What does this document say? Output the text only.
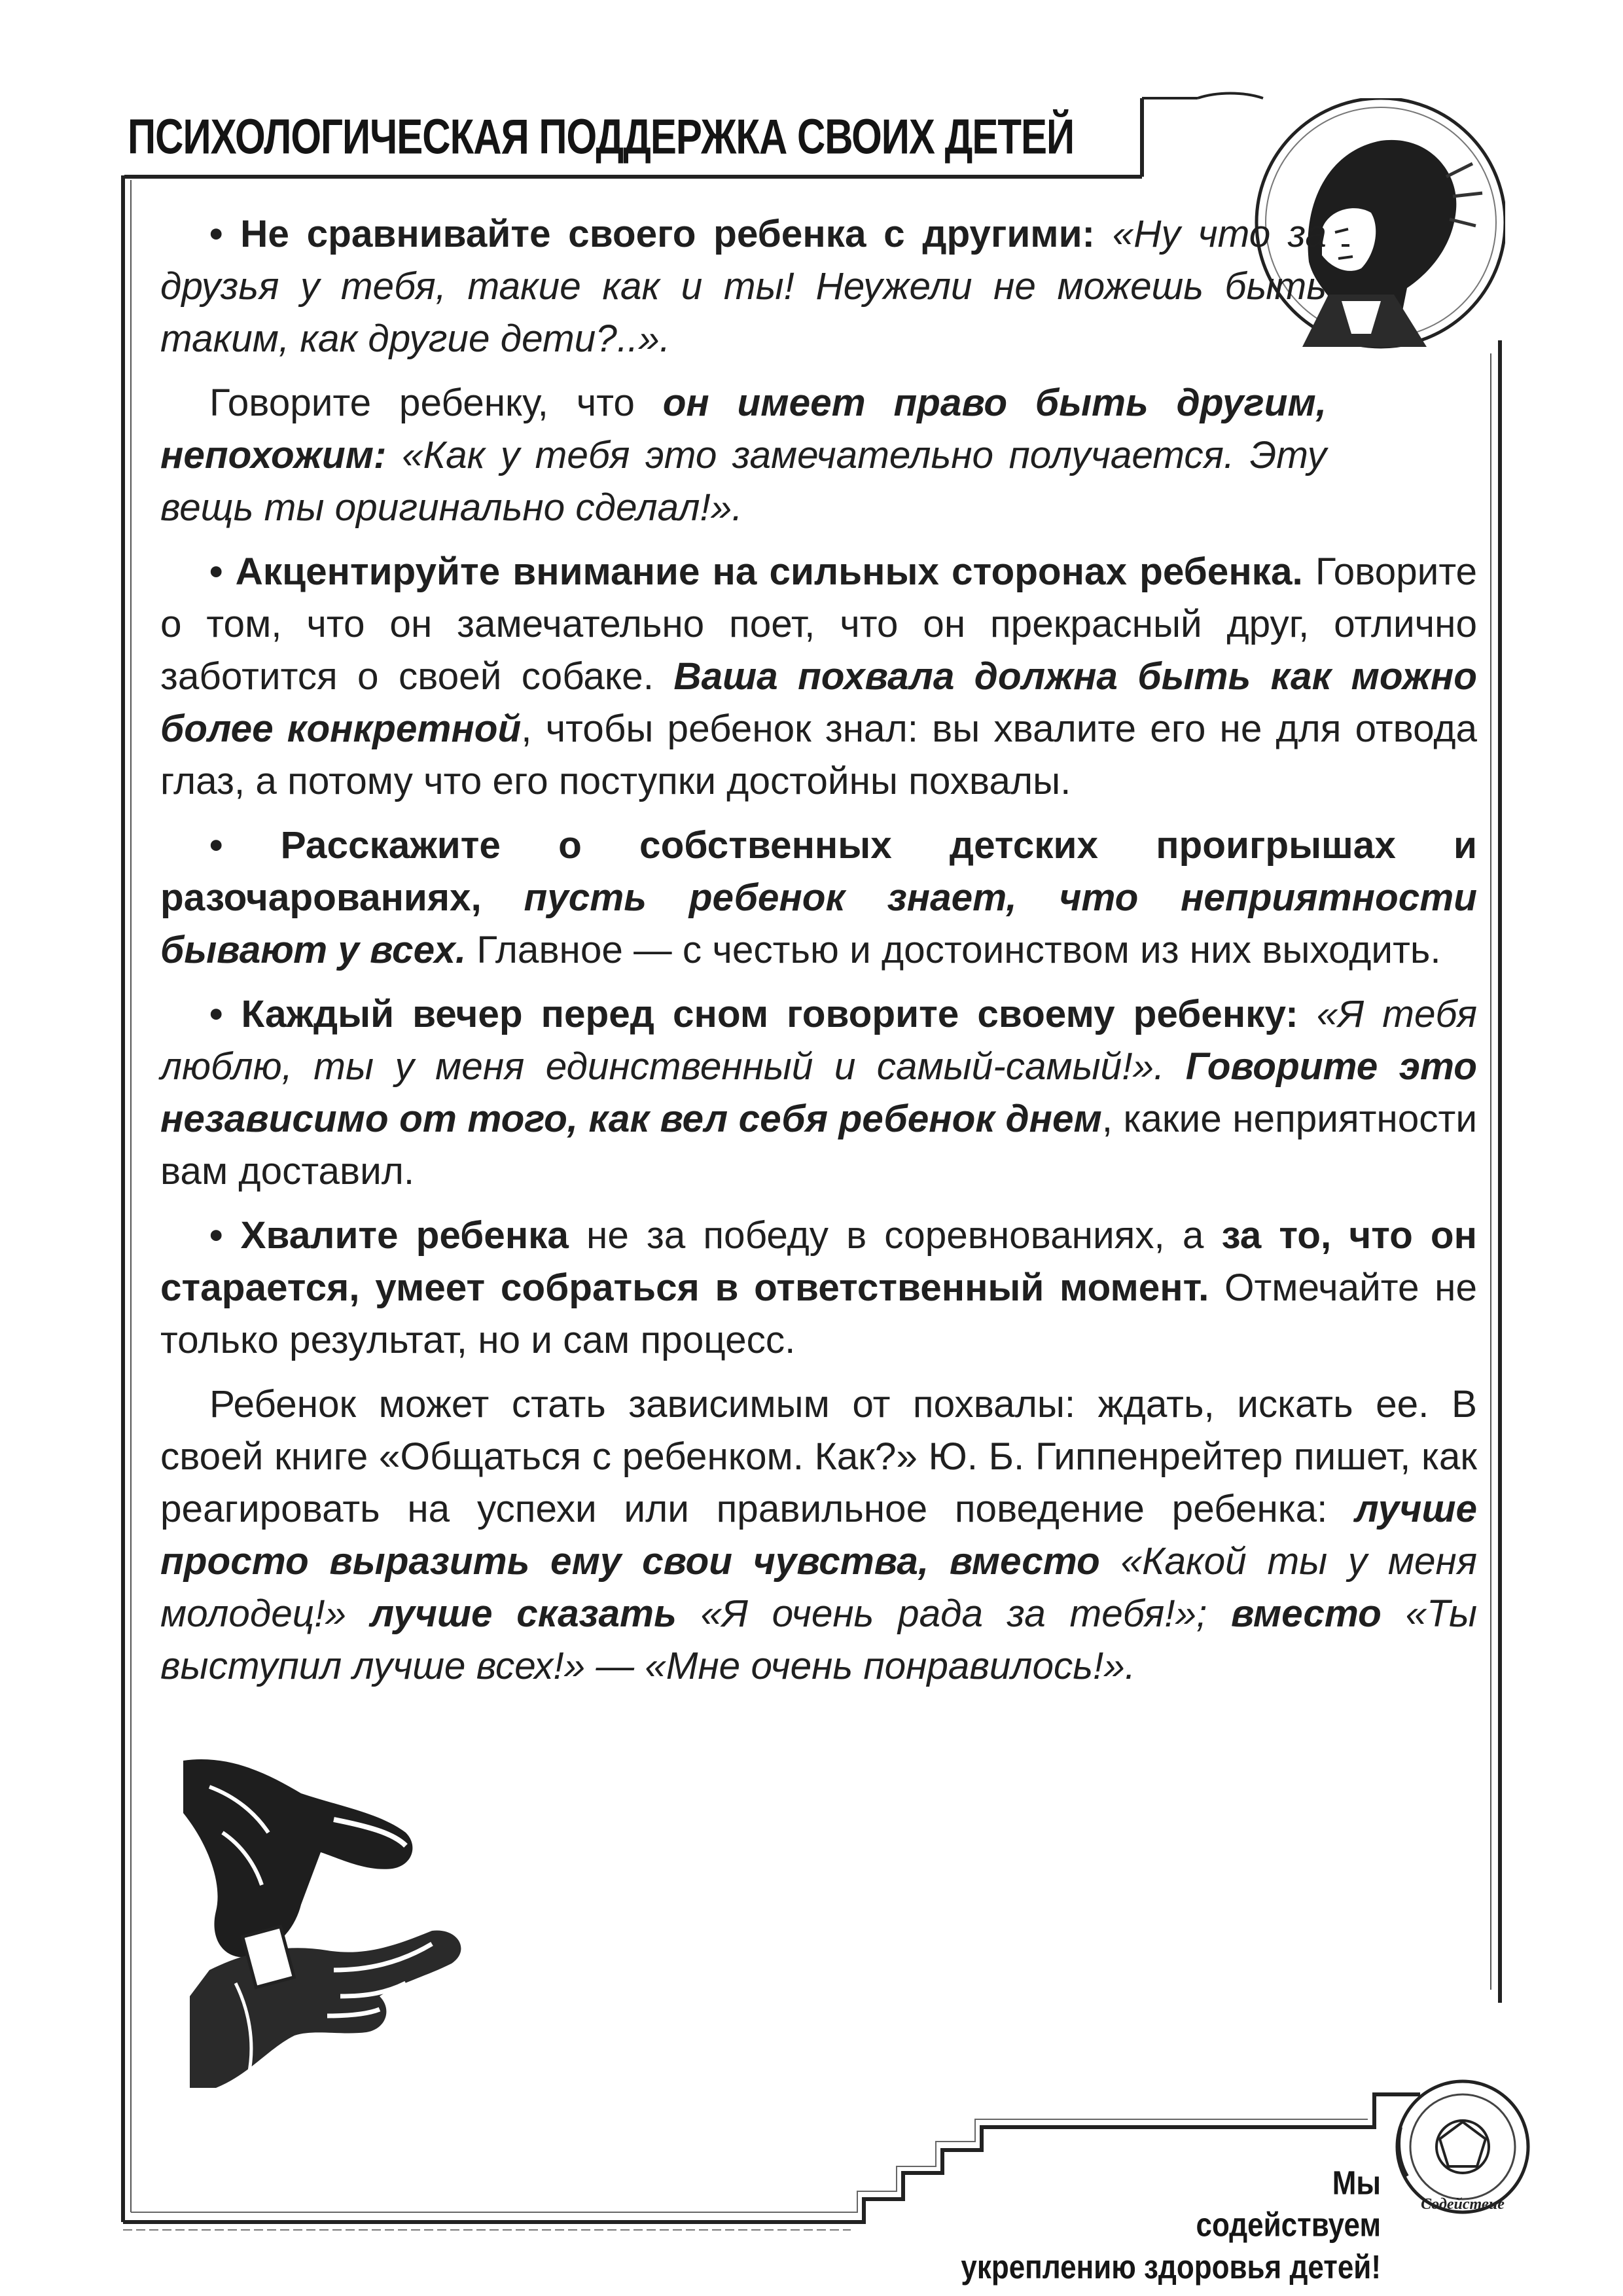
ПСИХОЛОГИЧЕСКАЯ ПОДДЕРЖКА СВОИХ ДЕТЕЙ

• Не сравнивайте своего ребенка с другими: «Ну что за друзья у тебя, такие как и ты! Неужели не можешь быть таким, как другие дети?..».

Говорите ребенку, что он имеет право быть другим, непохожим: «Как у тебя это замечательно получается. Эту вещь ты оригинально сделал!».

• Акцентируйте внимание на сильных сторонах ребенка. Говорите о том, что он замечательно поет, что он прекрасный друг, отлично заботится о своей собаке. Ваша похвала должна быть как можно более конкретной, чтобы ребенок знал: вы хвалите его не для отвода глаз, а потому что его поступки достойны похвалы.

• Расскажите о собственных детских проигрышах и разочарованиях, пусть ребенок знает, что неприятности бывают у всех. Главное — с честью и достоинством из них выходить.

• Каждый вечер перед сном говорите своему ребенку: «Я тебя люблю, ты у меня единственный и самый-самый!». Говорите это независимо от того, как вел себя ребенок днем, какие неприятности вам доставил.

• Хвалите ребенка не за победу в соревнованиях, а за то, что он старается, умеет собраться в ответственный момент. Отмечайте не только результат, но и сам процесс.

Ребенок может стать зависимым от похвалы: ждать, искать ее. В своей книге «Общаться с ребенком. Как?» Ю. Б. Гиппенрейтер пишет, как реагировать на успехи или правильное поведение ребенка: лучше просто выразить ему свои чувства, вместо «Какой ты у меня молодец!» лучше сказать «Я очень рада за тебя!»; вместо «Ты выступил лучше всех!» — «Мне очень понравилось!».

Мы
содействуем
укреплению здоровья детей!
Содействие
